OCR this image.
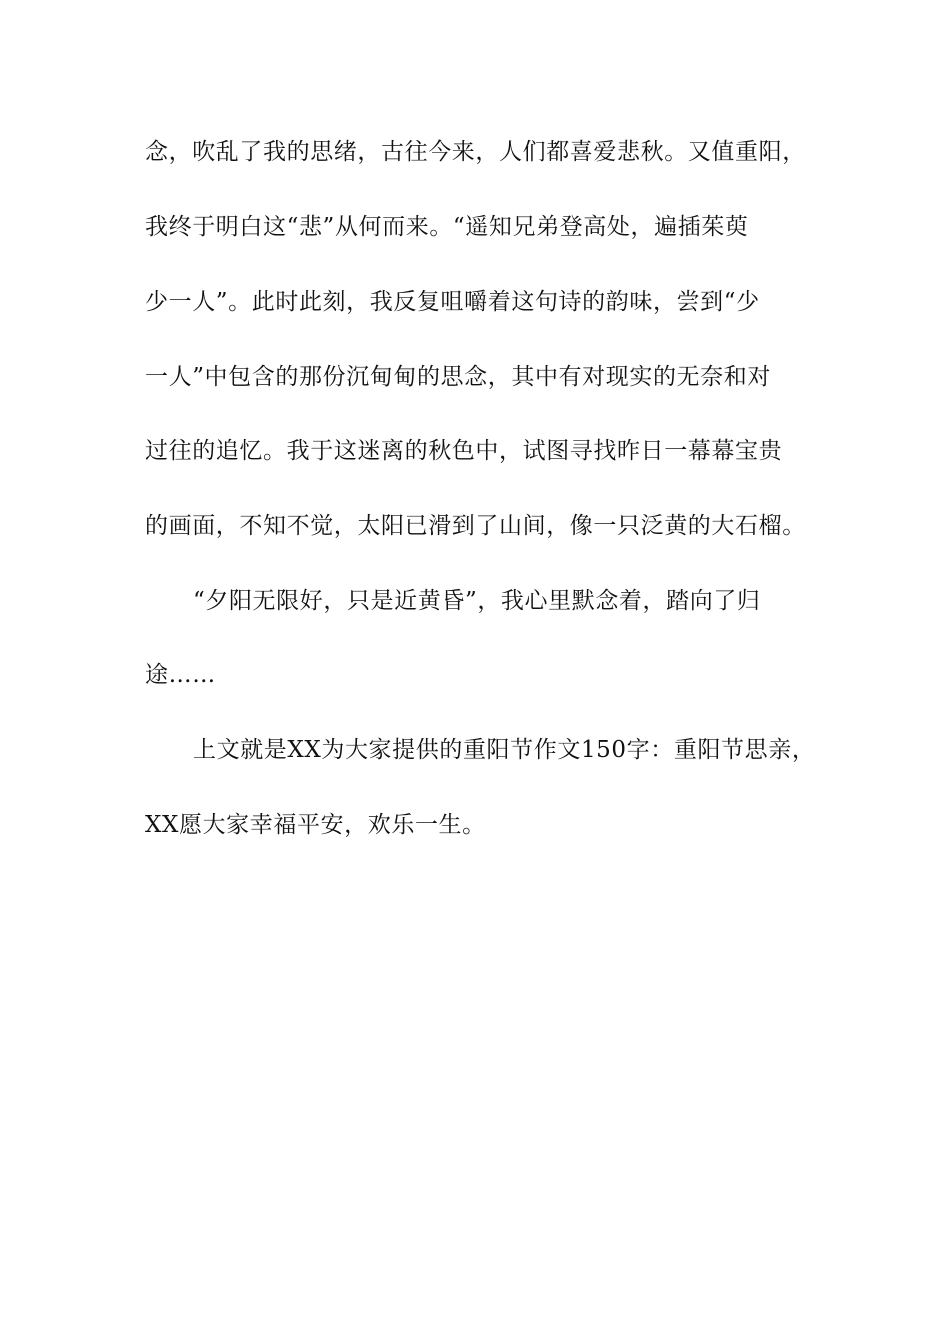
念，吹乱了我的思绪，古往今来，人们都喜爱悲秋。又值重阳，
我终于明白这“悲”从何而来。“遥知兄弟登高处，遍插茱萸
少一人”。此时此刻，我反复咀嚼着这句诗的韵味，尝到“少
一人”中包含的那份沉甸甸的思念，其中有对现实的无奈和对
过往的追忆。我于这迷离的秋色中，试图寻找昨日一幕幕宝贵
的画面，不知不觉，太阳已滑到了山间，像一只泛黄的大石榴。
“夕阳无限好，只是近黄昏”，我心里默念着，踏向了归
途……
上文就是XX为大家提供的重阳节作文150字：重阳节思亲，
XX愿大家幸福平安，欢乐一生。
